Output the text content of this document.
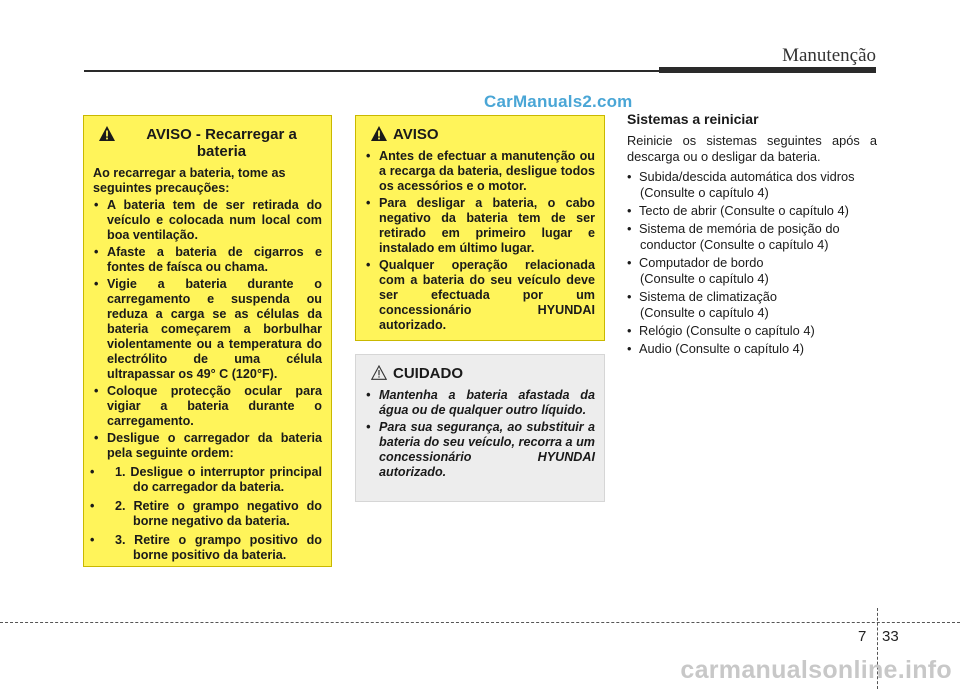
Manutenção
CarManuals2.com
AVISO - Recarregar a bateria

Ao recarregar a bateria, tome as seguintes precauções:

• A bateria tem de ser retirada do veículo e colocada num local com boa ventilação.
• Afaste a bateria de cigarros e fontes de faísca ou chama.
• Vigie a bateria durante o carregamento e suspenda ou reduza a carga se as células da bateria começarem a borbulhar violentamente ou a temperatura do electrólito de uma célula ultrapassar os 49° C (120°F).
• Coloque protecção ocular para vigiar a bateria durante o carregamento.
• Desligue o carregador da bateria pela seguinte ordem:
• 1. Desligue o interruptor principal do carregador da bateria.
• 2. Retire o grampo negativo do borne negativo da bateria.
• 3. Retire o grampo positivo do borne positivo da bateria.
AVISO
• Antes de efectuar a manutenção ou a recarga da bateria, desligue todos os acessórios e o motor.
• Para desligar a bateria, o cabo negativo da bateria tem de ser retirado em primeiro lugar e instalado em último lugar.
• Qualquer operação relacionada com a bateria do seu veículo deve ser efectuada por um concessionário HYUNDAI autorizado.
CUIDADO
• Mantenha a bateria afastada da água ou de qualquer outro líquido.
• Para sua segurança, ao substituir a bateria do seu veículo, recorra a um concessionário HYUNDAI autorizado.
Sistemas a reiniciar

Reinicie os sistemas seguintes após a descarga ou o desligar da bateria.

• Subida/descida automática dos vidros
(Consulte o capítulo 4)
• Tecto de abrir (Consulte o capítulo 4)
• Sistema de memória de posição do
conductor (Consulte o capítulo 4)
• Computador de bordo
(Consulte o capítulo 4)
• Sistema de climatização
(Consulte o capítulo 4)
• Relógio (Consulte o capítulo 4)
• Audio (Consulte o capítulo 4)
7 33
carmanualsonline.info
